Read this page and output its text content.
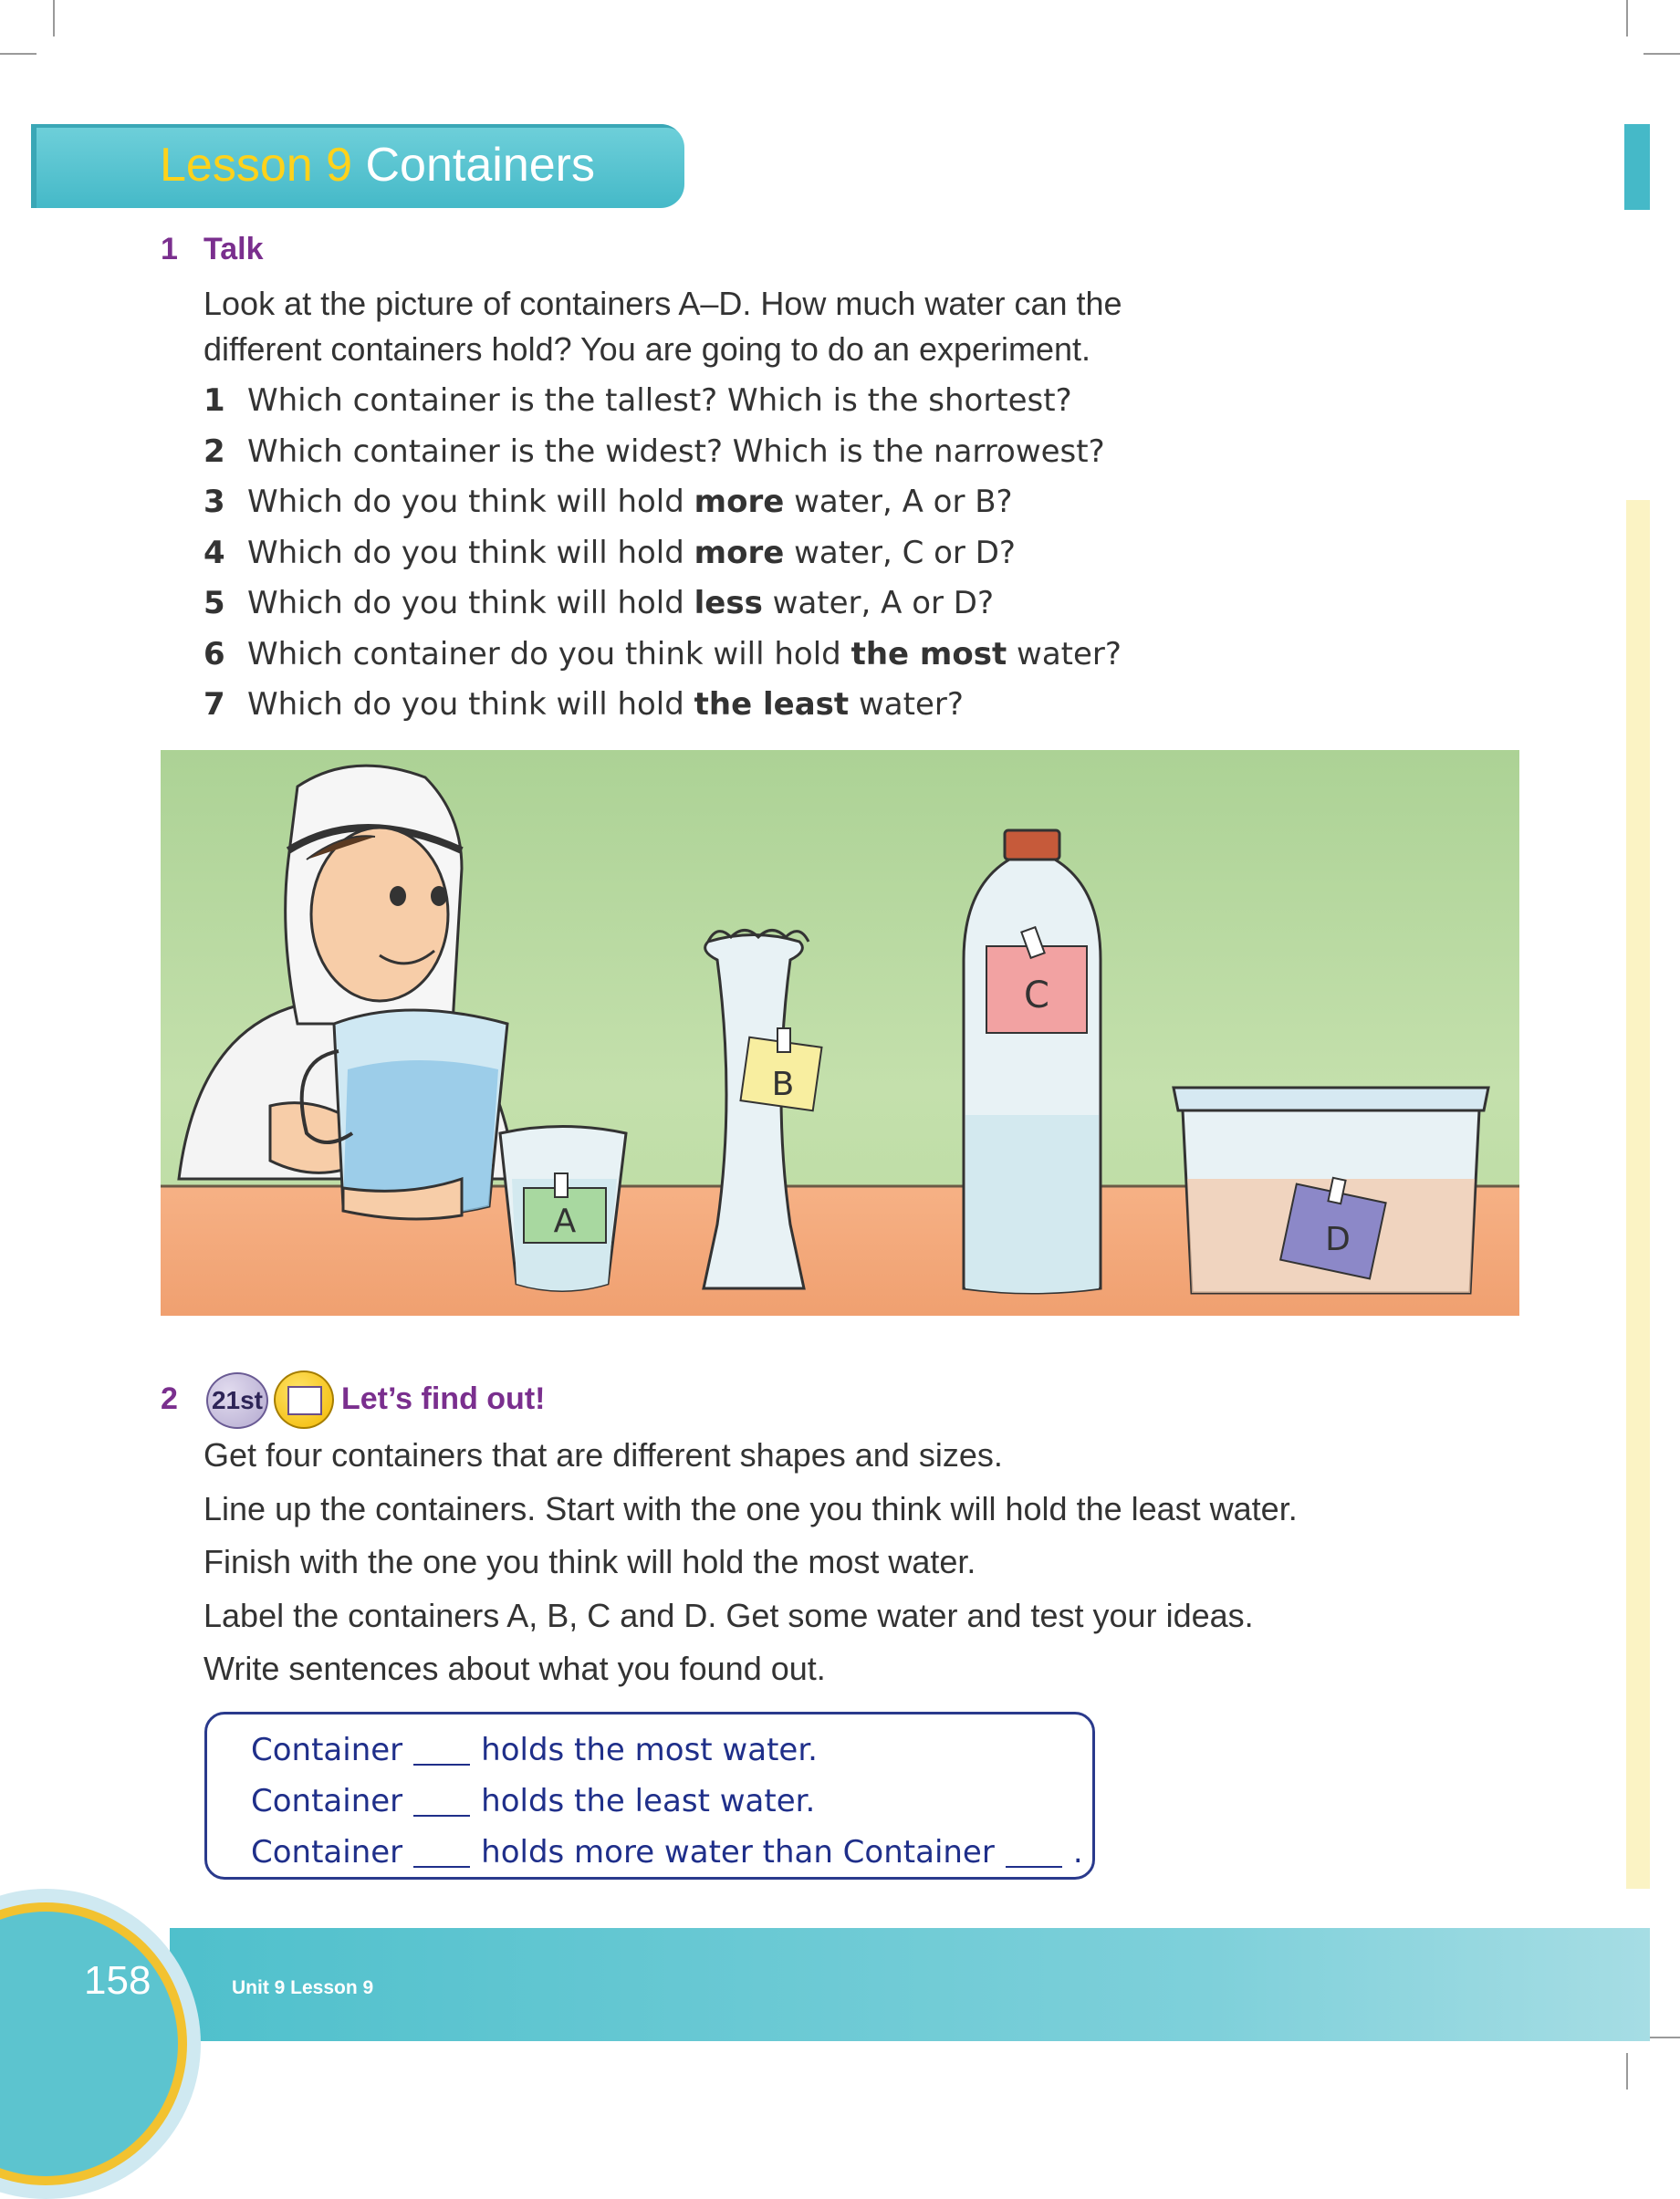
Lesson 9 Containers
1 Talk
Look at the picture of containers A–D. How much water can the
different containers hold? You are going to do an experiment.
1 Which container is the tallest? Which is the shortest?
2 Which container is the widest? Which is the narrowest?
3 Which do you think will hold more water, A or B?
4 Which do you think will hold more water, C or D?
5 Which do you think will hold less water, A or D?
6 Which container do you think will hold the most water?
7 Which do you think will hold the least water?
A
B
C
D
2 21st	Let’s find out!
Get four containers that are different shapes and sizes.
Line up the containers. Start with the one you think will hold the least water.
Finish with the one you think will hold the most water.
Label the containers A, B, C and D. Get some water and test your ideas.
Write sentences about what you found out.
Container	holds the most water.
Container	holds the least water.
Container	holds more water than Container	.
158	Unit 9 Lesson 9
